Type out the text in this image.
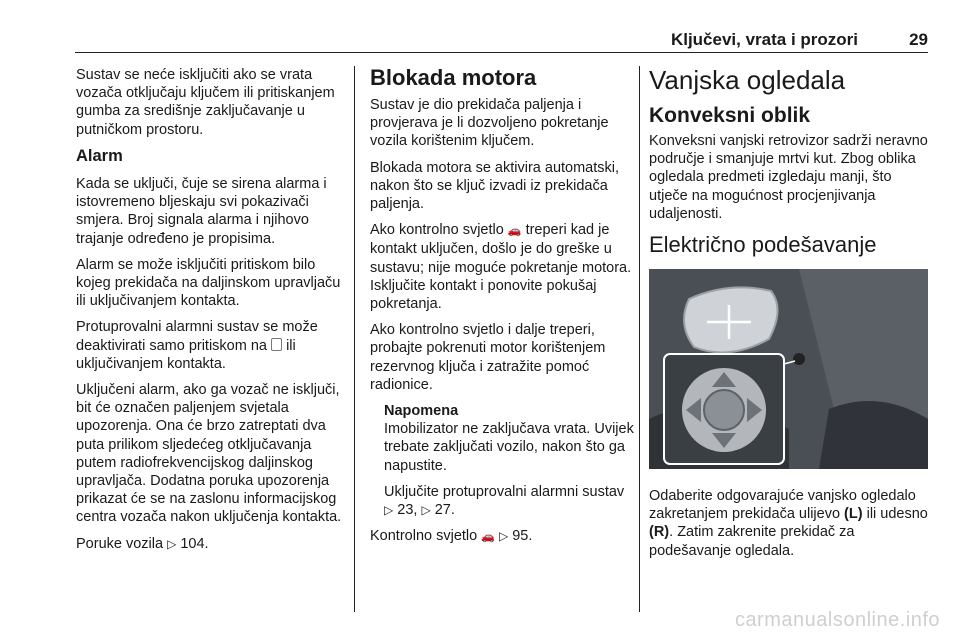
Ključevi, vrata i prozori	29

Sustav se neće isključiti ako se vrata vozača otključaju ključem ili pritiskanjem gumba za središnje zaključavanje u putničkom prostoru.

Alarm

Kada se uključi, čuje se sirena alarma i istovremeno bljeskaju svi pokazivači smjera. Broj signala alarma i njihovo trajanje određeno je propisima.

Alarm se može isključiti pritiskom bilo kojeg prekidača na daljinskom upravljaču ili uključivanjem kontakta.

Protuprovalni alarmni sustav se može deaktivirati samo pritiskom na ili uključivanjem kontakta.

Uključeni alarm, ako ga vozač ne isključi, bit će označen paljenjem svjetala upozorenja. Ona će brzo zatreptati dva puta prilikom sljedećeg otključavanja putem radiofrekvencijskog daljinskog upravljača. Dodatna poruka upozorenja prikazat će se na zaslonu informacijskog centra vozača nakon uključenja kontakta.

Poruke vozila ▷ 104.

Blokada motora

Sustav je dio prekidača paljenja i provjerava je li dozvoljeno pokretanje vozila korištenim ključem.

Blokada motora se aktivira automatski, nakon što se ključ izvadi iz prekidača paljenja.

Ako kontrolno svjetlo 🚗 treperi kad je kontakt uključen, došlo je do greške u sustavu; nije moguće pokretanje motora. Isključite kontakt i ponovite pokušaj pokretanja.

Ako kontrolno svjetlo i dalje treperi, probajte pokrenuti motor korištenjem rezervnog ključa i zatražite pomoć radionice.

Napomena

Imobilizator ne zaključava vrata. Uvijek trebate zaključati vozilo, nakon što ga napustite.

Uključite protuprovalni alarmni sustav ▷ 23, ▷ 27.

Kontrolno svjetlo 🚗 ▷ 95.

Vanjska ogledala
Konveksni oblik

Konveksni vanjski retrovizor sadrži neravno područje i smanjuje mrtvi kut. Zbog oblika ogledala predmeti izgledaju manji, što utječe na mogućnost procjenjivanja udaljenosti.

Električno podešavanje

Odaberite odgovarajuće vanjsko ogledalo zakretanjem prekidača ulijevo (L) ili udesno (R). Zatim zakrenite prekidač za podešavanje ogledala.

carmanualsonline.info
